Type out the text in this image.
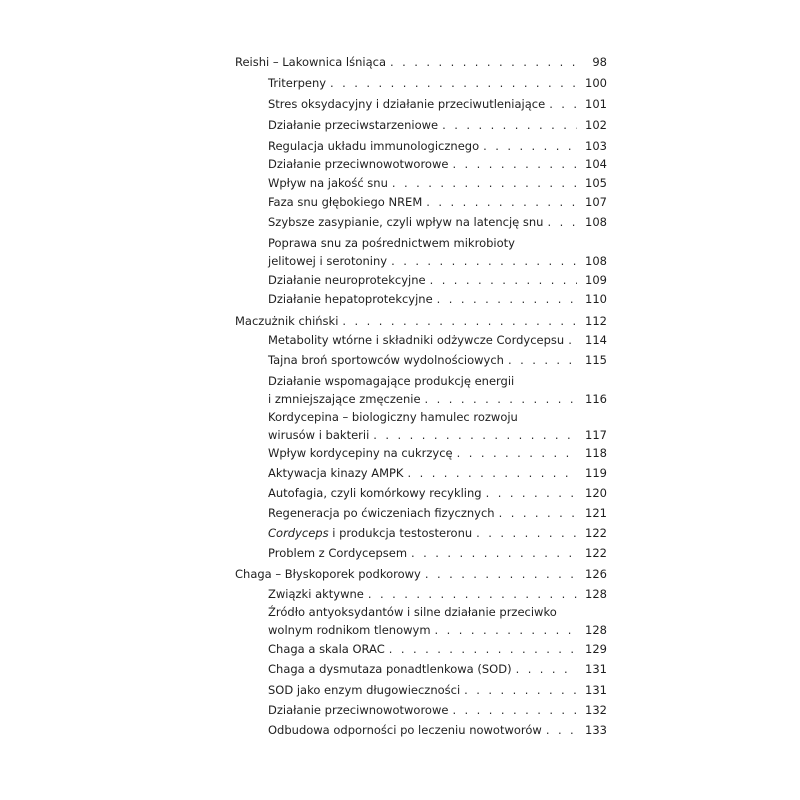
Reishi – Lakownica lśniąca . . .	98
Triterpeny . . .	100
Stres oksydacyjny i działanie przeciwutleniające . . .	101
Działanie przeciwstarzeniowe . . .	102
Regulacja układu immunologicznego . . .	103
Działanie przeciwnowotworowe . . .	104
Wpływ na jakość snu . . .	105
Faza snu głębokiego NREM . . .	107
Szybsze zasypianie, czyli wpływ na latencję snu . . .	108
Poprawa snu za pośrednictwem mikrobioty
jelitowej i serotoniny . . .	108
Działanie neuroprotekcyjne . . .	109
Działanie hepatoprotekcyjne . . .	110
Maczużnik chiński . . .	112
Metabolity wtórne i składniki odżywcze Cordycepsu . . . 114
Tajna broń sportowców wydolnościowych . . .	115
Działanie wspomagające produkcję energii
i zmniejszające zmęczenie . . .	116
Kordycepina – biologiczny hamulec rozwoju
wirusów i bakterii . . .	117
Wpływ kordycepiny na cukrzycę . . .	118
Aktywacja kinazy AMPK . . .	119
Autofagia, czyli komórkowy recykling . . .	120
Regeneracja po ćwiczeniach fizycznych . . .	121
Cordyceps i produkcja testosteronu . . .	122
Problem z Cordycepsem . . .	122
Chaga – Błyskoporek podkorowy . . .	126
Związki aktywne . . .	128
Źródło antyoksydantów i silne działanie przeciwko
wolnym rodnikom tlenowym . . .	128
Chaga a skala ORAC . . .	129
Chaga a dysmutaza ponadtlenkowa (SOD) . . .	131
SOD jako enzym długowieczności . . .	131
Działanie przeciwnowotworowe . . .	132
Odbudowa odporności po leczeniu nowotworów . . .	133
